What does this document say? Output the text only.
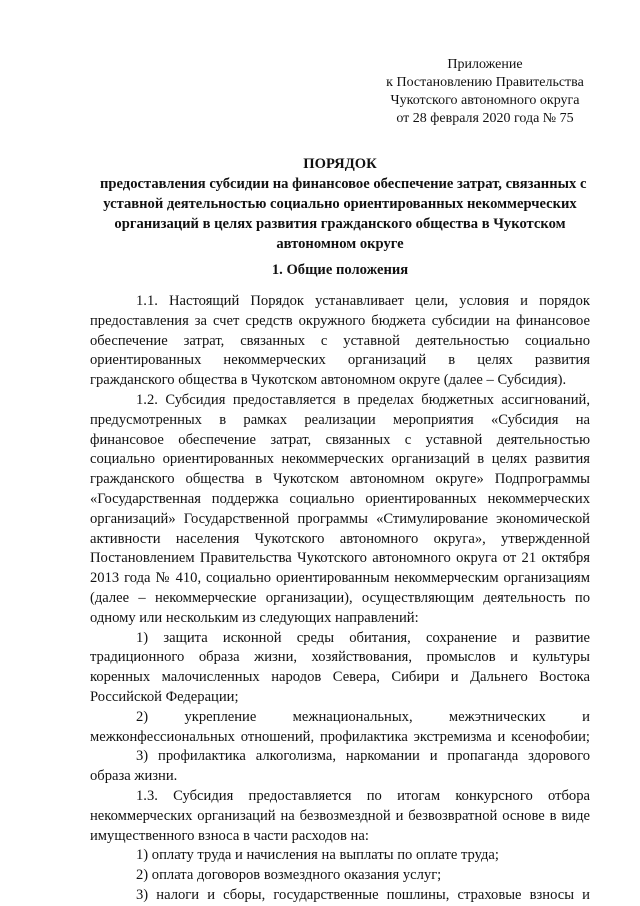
Приложение
к Постановлению Правительства
Чукотского автономного округа
от 28 февраля 2020 года № 75
ПОРЯДОК
предоставления субсидии на финансовое обеспечение затрат, связанных с
уставной деятельностью социально ориентированных некоммерческих
организаций в целях развития гражданского общества в Чукотском
автономном округе
1. Общие положения
1.1. Настоящий Порядок устанавливает цели, условия и порядок
предоставления за счет средств окружного бюджета субсидии на финансовое
обеспечение затрат, связанных с уставной деятельностью социально
ориентированных некоммерческих организаций в целях развития
гражданского общества в Чукотском автономном округе (далее – Субсидия).
1.2. Субсидия предоставляется в пределах бюджетных ассигнований,
предусмотренных в рамках реализации мероприятия «Субсидия на
финансовое обеспечение затрат, связанных с уставной деятельностью
социально ориентированных некоммерческих организаций в целях развития
гражданского общества в Чукотском автономном округе» Подпрограммы
«Государственная поддержка социально ориентированных некоммерческих
организаций» Государственной программы «Стимулирование экономической
активности населения Чукотского автономного округа», утвержденной
Постановлением Правительства Чукотского автономного округа от 21 октября
2013 года № 410, социально ориентированным некоммерческим организациям
(далее – некоммерческие организации), осуществляющим деятельность по
одному или нескольким из следующих направлений:
1) защита исконной среды обитания, сохранение и развитие
традиционного образа жизни, хозяйствования, промыслов и культуры
коренных малочисленных народов Севера, Сибири и Дальнего Востока
Российской Федерации;
2) укрепление межнациональных, межэтнических и
межконфессиональных отношений, профилактика экстремизма и ксенофобии;
3) профилактика алкоголизма, наркомании и пропаганда здорового
образа жизни.
1.3. Субсидия предоставляется по итогам конкурсного отбора
некоммерческих организаций на безвозмездной и безвозвратной основе в виде
имущественного взноса в части расходов на:
1) оплату труда и начисления на выплаты по оплате труда;
2) оплата договоров возмездного оказания услуг;
3) налоги и сборы, государственные пошлины, страховые взносы и
